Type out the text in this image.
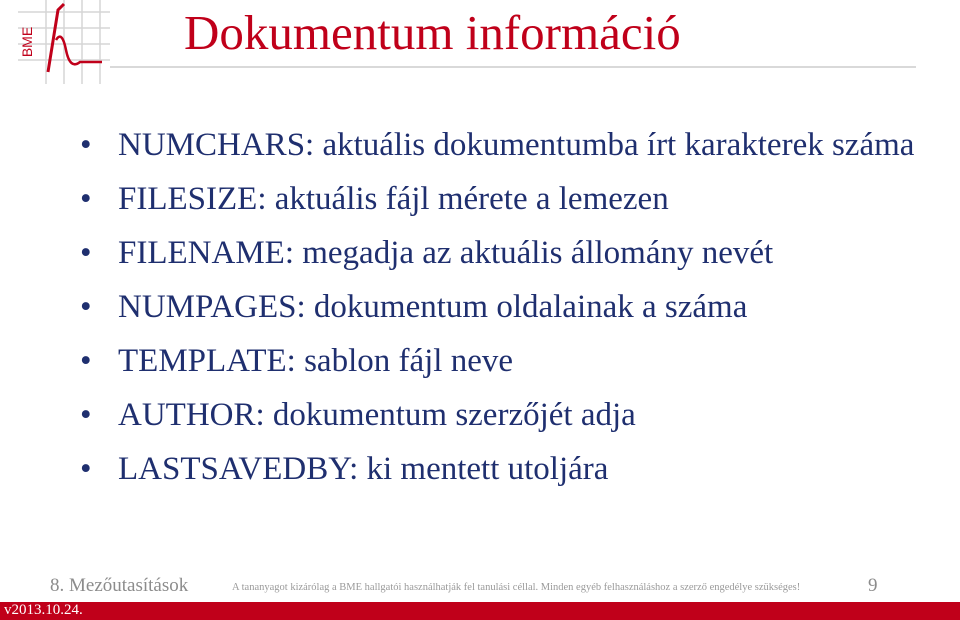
BME	Dokumentum információ
• NUMCHARS: aktuális dokumentumba írt karakterek száma
• FILESIZE: aktuális fájl mérete a lemezen
• FILENAME: megadja az aktuális állomány nevét
• NUMPAGES: dokumentum oldalainak a száma
• TEMPLATE: sablon fájl neve
• AUTHOR: dokumentum szerzőjét adja
• LASTSAVEDBY: ki mentett utoljára
8. Mezőutasítások	A tananyagot kizárólag a BME hallgatói használhatják fel tanulási céllal. Minden egyéb felhasználáshoz a szerző engedélye szükséges!	9
v2013.10.24.
